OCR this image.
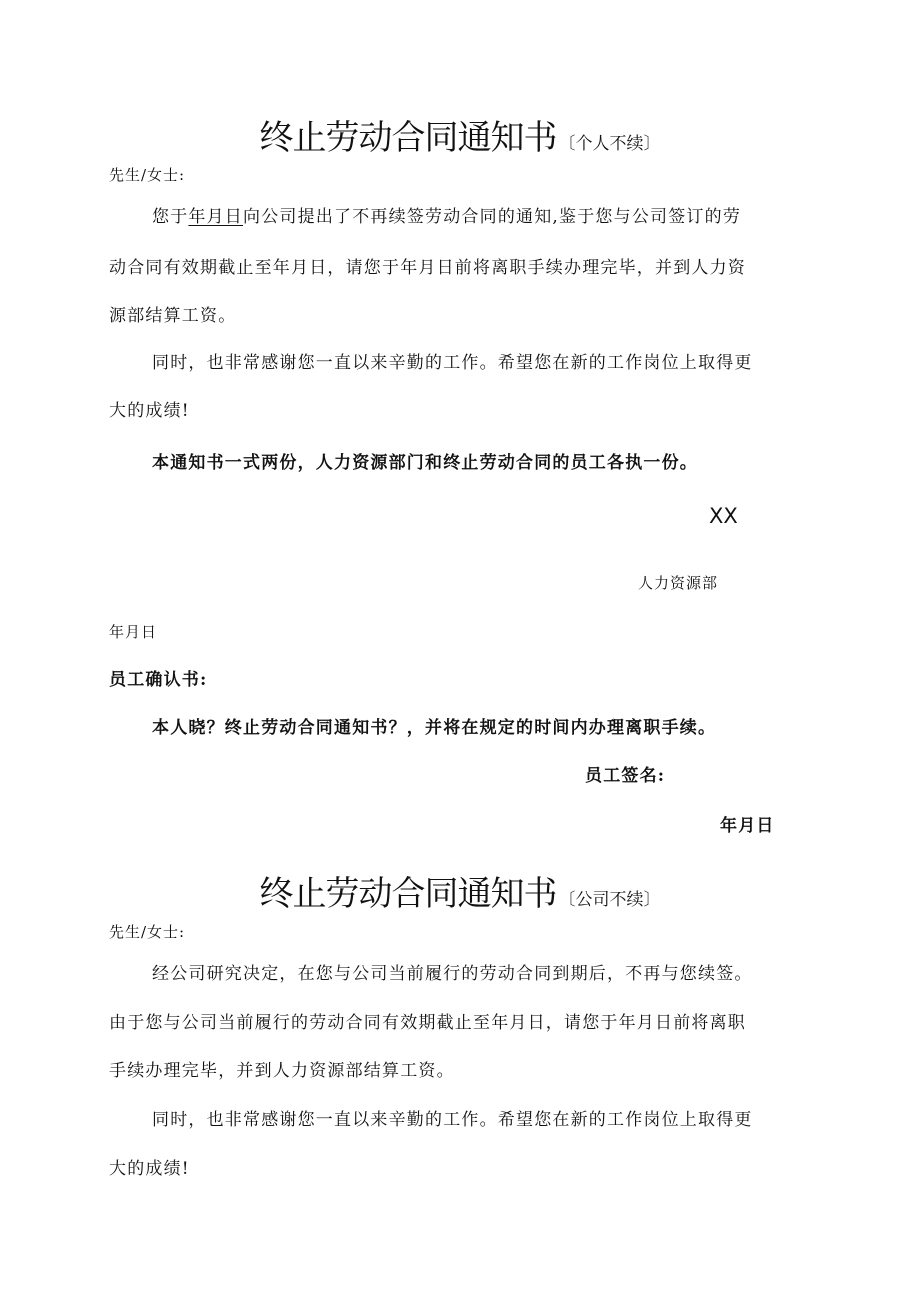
终止劳动合同通知书 〔个人不续〕
先生/女士:
您于年月日向公司提出了不再续签劳动合同的通知,鉴于您与公司签订的劳
动合同有效期截止至年月日，请您于年月日前将离职手续办理完毕，并到人力资
源部结算工资。
同时，也非常感谢您一直以来辛勤的工作。希望您在新的工作岗位上取得更
大的成绩!
本通知书一式两份，人力资源部门和终止劳动合同的员工各执一份。
XX
人力资源部
年月日
员工确认书:
本人晓？终止劳动合同通知书？，并将在规定的时间内办理离职手续。
员工签名:
年月日
终止劳动合同通知书 〔公司不续〕
先生/女士:
经公司研究决定，在您与公司当前履行的劳动合同到期后，不再与您续签。
由于您与公司当前履行的劳动合同有效期截止至年月日，请您于年月日前将离职
手续办理完毕，并到人力资源部结算工资。
同时，也非常感谢您一直以来辛勤的工作。希望您在新的工作岗位上取得更
大的成绩!
